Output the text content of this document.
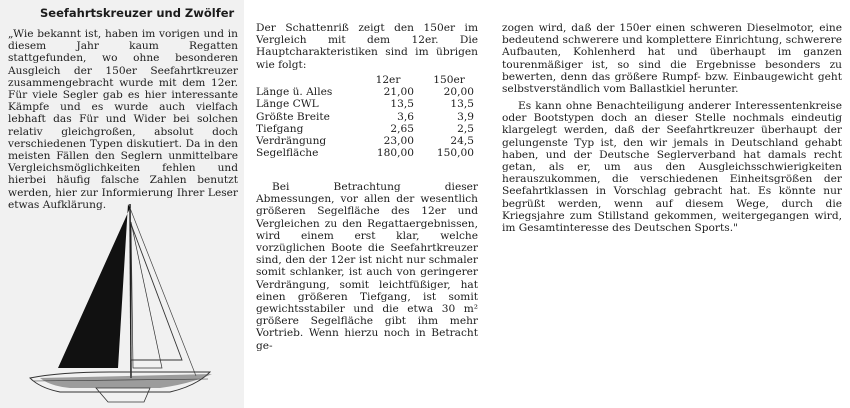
Seefahrtskreuzer und Zwölfer
„Wie bekannt ist, haben im vorigen und in diesem Jahr kaum Regatten stattgefunden, wo ohne besonderen Ausgleich der 150er Seefahrtkreuzer zusammengebracht wurde mit dem 12er. Für viele Segler gab es hier interessante Kämpfe und es wurde auch vielfach lebhaft das Für und Wider bei solchen relativ gleichgroßen, absolut doch verschiedenen Typen diskutiert. Da in den meisten Fällen den Seglern unmittelbare Vergleichsmöglichkeiten fehlen und hierbei häufig falsche Zahlen benutzt werden, hier zur Informierung Ihrer Leser etwas Aufklärung.
Der Schattenriß zeigt den 150er im Vergleich mit dem 12er. Die Hauptcharakteristiken sind im übrigen wie folgt:
	12er	150er
Länge ü. Alles	21,00	20,00
Länge CWL	13,5	13,5
Größte Breite	3,6	3,9
Tiefgang	2,65	2,5
Verdrängung	23,00	24,5
Segelfläche	180,00	150,00
Bei Betrachtung dieser Abmessungen, vor allen der wesentlich größeren Segelfläche des 12er und Vergleichen zu den Regattaergebnissen, wird einem erst klar, welche vorzüglichen Boote die Seefahrtkreuzer sind, den der 12er ist nicht nur schmaler somit schlanker, ist auch von geringerer Verdrängung, somit leichtfüßiger, hat einen größeren Tiefgang, ist somit gewichtsstabiler und die etwa 30 m² größere Segelfläche gibt ihm mehr Vortrieb. Wenn hierzu noch in Betracht ge-
zogen wird, daß der 150er einen schweren Dieselmotor, eine bedeutend schwerere und komplettere Einrichtung, schwerere Aufbauten, Kohlenherd hat und überhaupt im ganzen tourenmäßiger ist, so sind die Ergebnisse besonders zu bewerten, denn das größere Rumpf- bzw. Einbaugewicht geht selbstverständlich vom Ballastkiel herunter.
Es kann ohne Benachteiligung anderer Interessentenkreise oder Bootstypen doch an dieser Stelle nochmals eindeutig klargelegt werden, daß der Seefahrtkreuzer überhaupt der gelungenste Typ ist, den wir jemals in Deutschland gehabt haben, und der Deutsche Seglerverband hat damals recht getan, als er, um aus den Ausgleichsschwierigkeiten herauszukommen, die verschiedenen Einheitsgrößen der Seefahrtklassen in Vorschlag gebracht hat. Es könnte nur begrüßt werden, wenn auf diesem Wege, durch die Kriegsjahre zum Stillstand gekommen, weitergegangen wird, im Gesamtinteresse des Deutschen Sports."
